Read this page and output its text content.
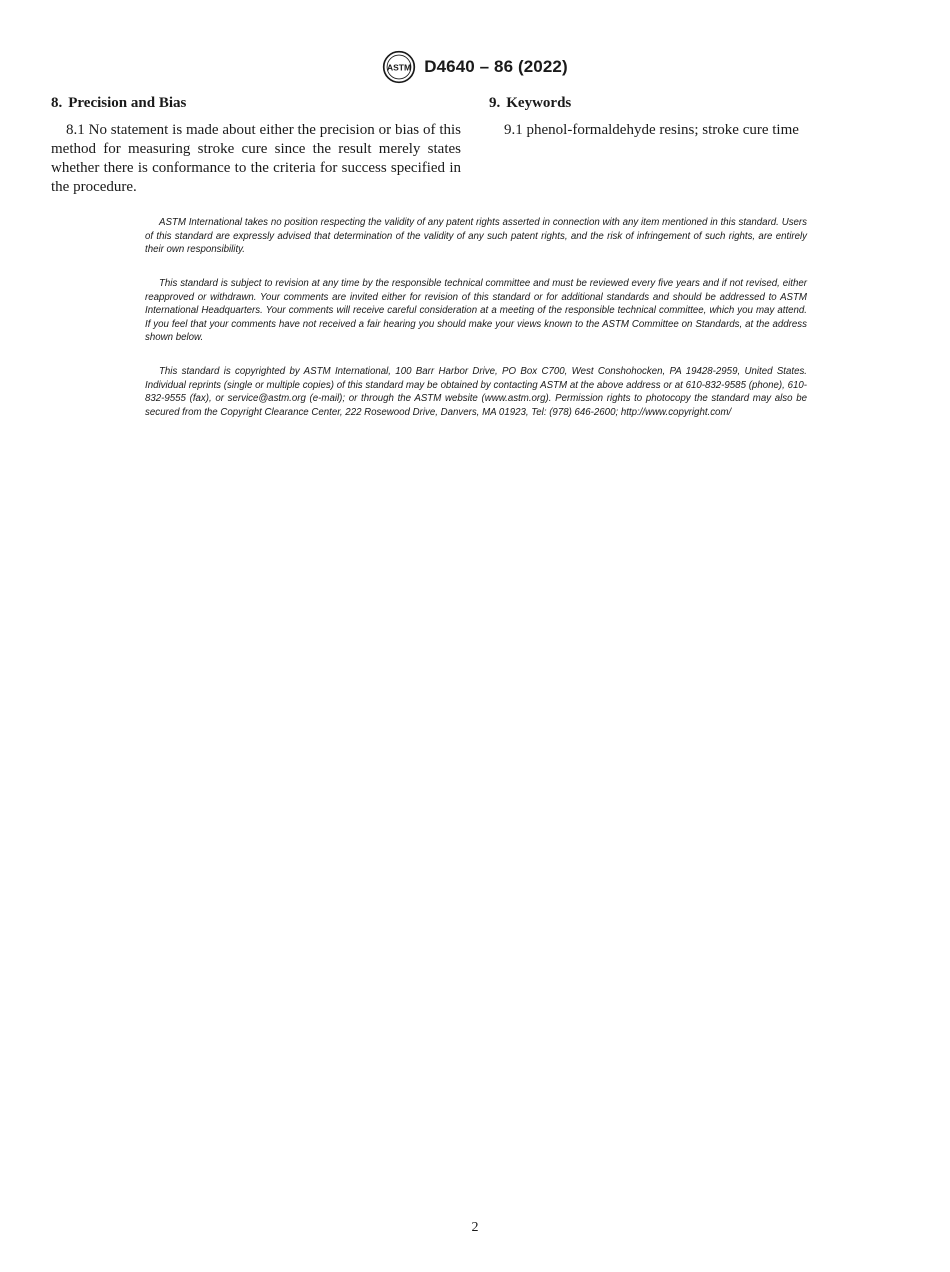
ASTM D4640 – 86 (2022)
8. Precision and Bias

8.1 No statement is made about either the precision or bias of this method for measuring stroke cure since the result merely states whether there is conformance to the criteria for success specified in the procedure.

9. Keywords

9.1 phenol-formaldehyde resins; stroke cure time

ASTM International takes no position respecting the validity of any patent rights asserted in connection with any item mentioned in this standard. Users of this standard are expressly advised that determination of the validity of any such patent rights, and the risk of infringement of such rights, are entirely their own responsibility.

This standard is subject to revision at any time by the responsible technical committee and must be reviewed every five years and if not revised, either reapproved or withdrawn. Your comments are invited either for revision of this standard or for additional standards and should be addressed to ASTM International Headquarters. Your comments will receive careful consideration at a meeting of the responsible technical committee, which you may attend. If you feel that your comments have not received a fair hearing you should make your views known to the ASTM Committee on Standards, at the address shown below.

This standard is copyrighted by ASTM International, 100 Barr Harbor Drive, PO Box C700, West Conshohocken, PA 19428-2959, United States. Individual reprints (single or multiple copies) of this standard may be obtained by contacting ASTM at the above address or at 610-832-9585 (phone), 610-832-9555 (fax), or service@astm.org (e-mail); or through the ASTM website (www.astm.org). Permission rights to photocopy the standard may also be secured from the Copyright Clearance Center, 222 Rosewood Drive, Danvers, MA 01923, Tel: (978) 646-2600; http://www.copyright.com/

2
